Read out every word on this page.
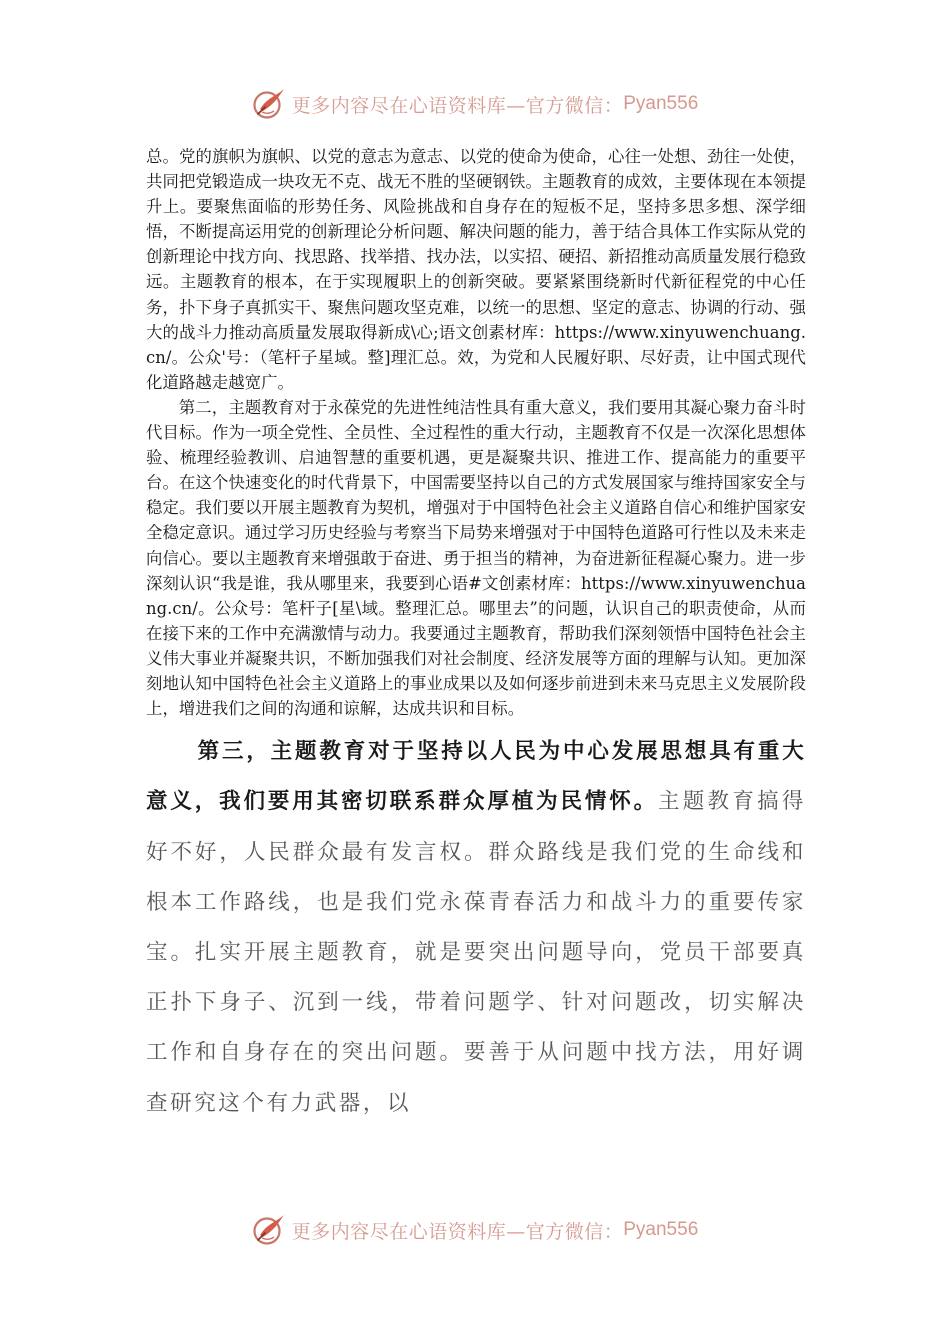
更多内容尽在心语资料库—官方微信： Pyan556

总。党的旗帜为旗帜、以党的意志为意志、以党的使命为使命，心往一处想、劲往一处使，共同把党锻造成一块攻无不克、战无不胜的坚硬钢铁。主题教育的成效，主要体现在本领提升上。要聚焦面临的形势任务、风险挑战和自身存在的短板不足，坚持多思多想、深学细悟，不断提高运用党的创新理论分析问题、解决问题的能力，善于结合具体工作实际从党的创新理论中找方向、找思路、找举措、找办法，以实招、硬招、新招推动高质量发展行稳致远。主题教育的根本，在于实现履职上的创新突破。要紧紧围绕新时代新征程党的中心任务，扑下身子真抓实干、聚焦问题攻坚克难，以统一的思想、坚定的意志、协调的行动、强大的战斗力推动高质量发展取得新成\心;语文创素材库：https://www.xinyuwenchuang.cn/。公众'号：（笔杆子星域。整]理汇总。效，为党和人民履好职、尽好责，让中国式现代化道路越走越宽广。

第二，主题教育对于永葆党的先进性纯洁性具有重大意义，我们要用其凝心聚力奋斗时代目标。作为一项全党性、全员性、全过程性的重大行动，主题教育不仅是一次深化思想体验、梳理经验教训、启迪智慧的重要机遇，更是凝聚共识、推进工作、提高能力的重要平台。在这个快速变化的时代背景下，中国需要坚持以自己的方式发展国家与维持国家安全与稳定。我们要以开展主题教育为契机，增强对于中国特色社会主义道路自信心和维护国家安全稳定意识。通过学习历史经验与考察当下局势来增强对于中国特色道路可行性以及未来走向信心。要以主题教育来增强敢于奋进、勇于担当的精神，为奋进新征程凝心聚力。进一步深刻认识“我是谁，我从哪里来，我要到心语#文创素材库：https://www.xinyuwenchuang.cn/。公众号：笔杆子[星\域。整理汇总。哪里去”的问题，认识自己的职责使命，从而在接下来的工作中充满激情与动力。我要通过主题教育，帮助我们深刻领悟中国特色社会主义伟大事业并凝聚共识，不断加强我们对社会制度、经济发展等方面的理解与认知。更加深刻地认知中国特色社会主义道路上的事业成果以及如何逐步前进到未来马克思主义发展阶段上，增进我们之间的沟通和谅解，达成共识和目标。

第三，主题教育对于坚持以人民为中心发展思想具有重大意义，我们要用其密切联系群众厚植为民情怀。主题教育搞得好不好，人民群众最有发言权。群众路线是我们党的生命线和根本工作路线，也是我们党永葆青春活力和战斗力的重要传家宝。扎实开展主题教育，就是要突出问题导向，党员干部要真正扑下身子、沉到一线，带着问题学、针对问题改，切实解决工作和自身存在的突出问题。要善于从问题中找方法，用好调查研究这个有力武器，以

更多内容尽在心语资料库—官方微信： Pyan556
